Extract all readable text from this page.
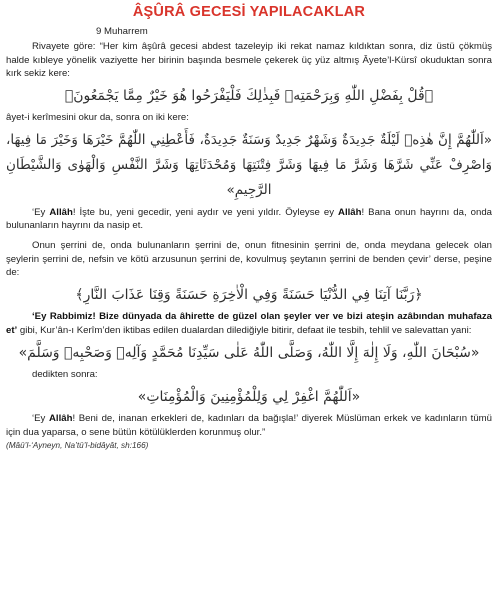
ÂŞÛRÂ GECESİ YAPILACAKLAR
9 Muharrem

Rivayete göre: “Her kim âşûrâ gecesi abdest tazeleyip iki rekat namaz kıldıktan sonra, diz üstü çökmüş halde kıbleye yönelik vaziyette her birinin başında besmele çekerek üç yüz altmış Âyete’l-Kürsî okuduktan sonra kırk sekiz kere:

﴿قُلْ بِفَضْلِ اللّٰهِ وَبِرَحْمَتِهٖ فَبِذٰلِكَ فَلْيَفْرَحُوا هُوَ خَيْرٌ مِمَّا يَجْمَعُونَ﴾

âyet-i kerîmesini okur da, sonra on iki kere:

«اَللّٰهُمَّ إِنَّ هٰذِهٖ لَيْلَةٌ جَدِيدَةٌ وَشَهْرٌ جَدِيدٌ وَسَنَةٌ جَدِيدَةٌ، فَأَعْطِنِي اللّٰهُمَّ خَيْرَهَا وَخَيْرَ مَا فِيهَا، وَاصْرِفْ عَنِّي شَرَّهَا وَشَرَّ مَا فِيهَا وَشَرَّ فِتْنَتِهَا وَمُحْدَثَاتِهَا وَشَرَّ النَّفْسِ وَالْهَوٰى وَالشَّيْطَانِ الرَّجِيمِ»

‘Ey Allâh! İşte bu, yeni gecedir, yeni aydır ve yeni yıldır. Öyleyse ey Allâh! Bana onun hayrını da, onda bulunanların hayrını da nasip et.

Onun şerrini de, onda bulunanların şerrini de, onun fitnesinin şerrini de, onda meydana gelecek olan şeylerin şerrini de, nefsin ve kötü arzusunun şerrini de, kovulmuş şeytanın şerrini de benden çevir’ derse, peşine de:

﴿رَبَّنَا آتِنَا فِي الدُّنْيَا حَسَنَةً وَفِي الْاٰخِرَةِ حَسَنَةً وَقِنَا عَذَابَ النَّارِ﴾

‘Ey Rabbimiz! Bize dünyada da âhirette de güzel olan şeyler ver ve bizi ateşin azâbından muhafaza et’ gibi, Kur’ân-ı Kerîm’den iktibas edilen dualardan dilediğiyle bitirir, defaat ile tesbih, tehlil ve salevattan yani:

«سُبْحَانَ اللّٰهِ، وَلَا إِلٰهَ إِلَّا اللّٰهُ، وَصَلَّى اللّٰهُ عَلٰى سَيِّدِنَا مُحَمَّدٍ وَآلِهٖ وَصَحْبِهٖ وَسَلَّمَ»

dedikten sonra:

«اَللّٰهُمَّ اغْفِرْ لِي وَلِلْمُؤْمِنِينَ وَالْمُؤْمِنَاتِ»

‘Ey Allâh! Beni de, inanan erkekleri de, kadınları da bağışla!’ diyerek Müslüman erkek ve kadınların tümü için dua yaparsa, o sene bütün kötülüklerden korunmuş olur.”

(Mâü’l-‘Ayneyn, Na’tü’l-bidâyât, sh:166)
